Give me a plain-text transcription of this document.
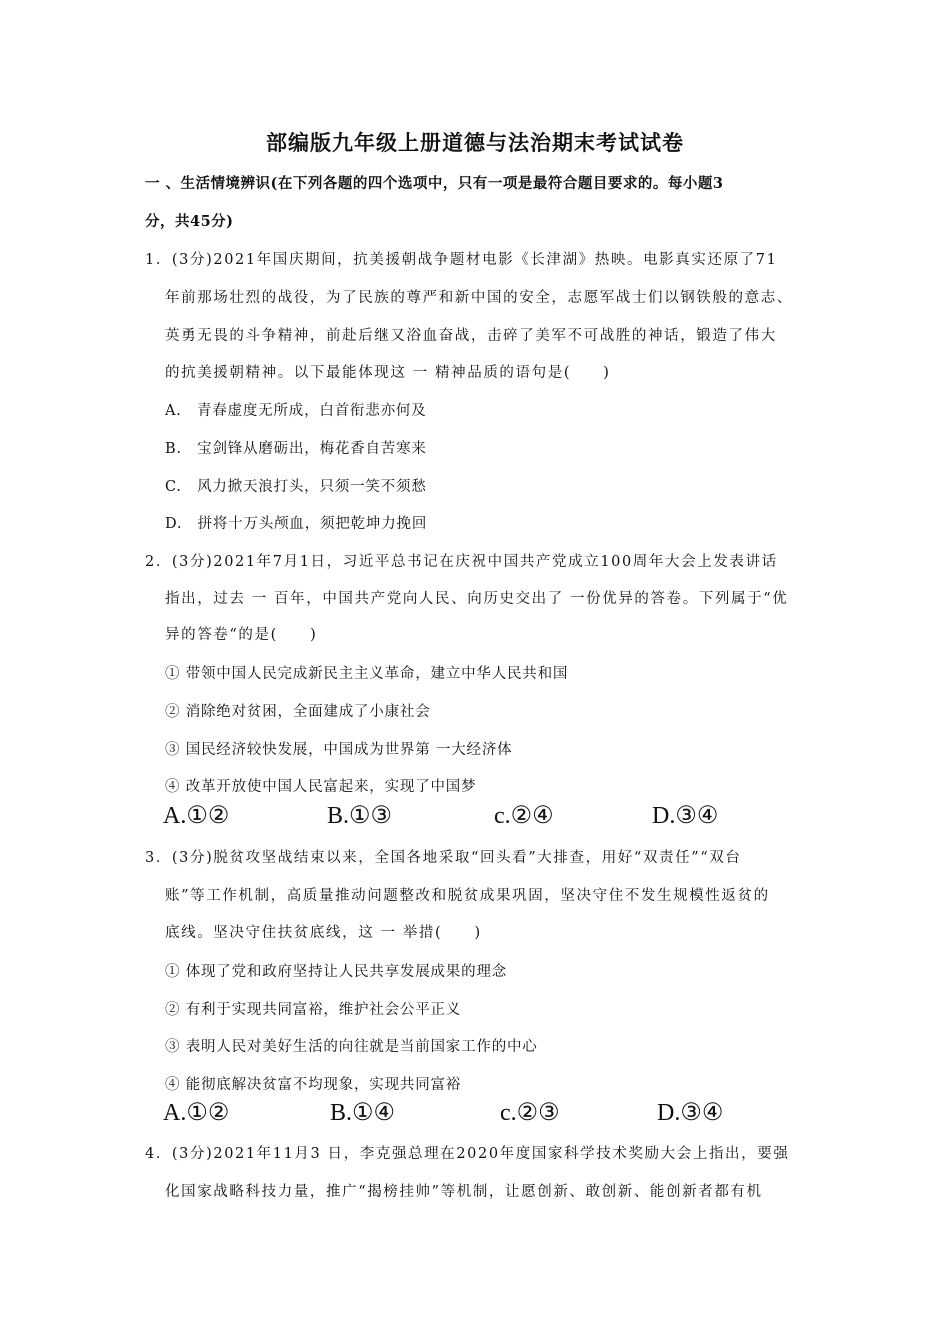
部编版九年级上册道德与法治期末考试试卷
一 、生活情境辨识(在下列各题的四个选项中，只有一项是最符合题目要求的。每小题3
分，共45分)
1．(3分)2021年国庆期间，抗美援朝战争题材电影《长津湖》热映。电影真实还原了71
年前那场壮烈的战役，为了民族的尊严和新中国的安全，志愿军战士们以钢铁般的意志、
英勇无畏的斗争精神，前赴后继又浴血奋战，击碎了美军不可战胜的神话，锻造了伟大
的抗美援朝精神。以下最能体现这 一 精神品质的语句是(　　)
A.　青春虚度无所成，白首衔悲亦何及
B.　宝剑锋从磨砺出，梅花香自苦寒来
C.　风力掀天浪打头，只须一笑不须愁
D.　拼将十万头颅血，须把乾坤力挽回
2．(3分)2021年7月1日，习近平总书记在庆祝中国共产党成立100周年大会上发表讲话
指出，过去 一 百年，中国共产党向人民、向历史交出了 一份优异的答卷。下列属于“优
异的答卷“的是(　　)
① 带领中国人民完成新民主主义革命，建立中华人民共和国
② 消除绝对贫困，全面建成了小康社会
③ 国民经济较快发展，中国成为世界第 一大经济体
④ 改革开放使中国人民富起来，实现了中国梦
A.①②	B.①③	c.②④	D.③④
3．(3分)脱贫攻坚战结束以来，全国各地采取“回头看”大排查，用好“双责任”“双台
账”等工作机制，高质量推动问题整改和脱贫成果巩固，坚决守住不发生规模性返贫的
底线。坚决守住扶贫底线，这 一 举措(　　)
① 体现了党和政府坚持让人民共享发展成果的理念
② 有利于实现共同富裕，维护社会公平正义
③ 表明人民对美好生活的向往就是当前国家工作的中心
④ 能彻底解决贫富不均现象，实现共同富裕
A.①②	B.①④	c.②③	D.③④
4．(3分)2021年11月3 日，李克强总理在2020年度国家科学技术奖励大会上指出，要强
化国家战略科技力量，推广“揭榜挂帅”等机制，让愿创新、敢创新、能创新者都有机
